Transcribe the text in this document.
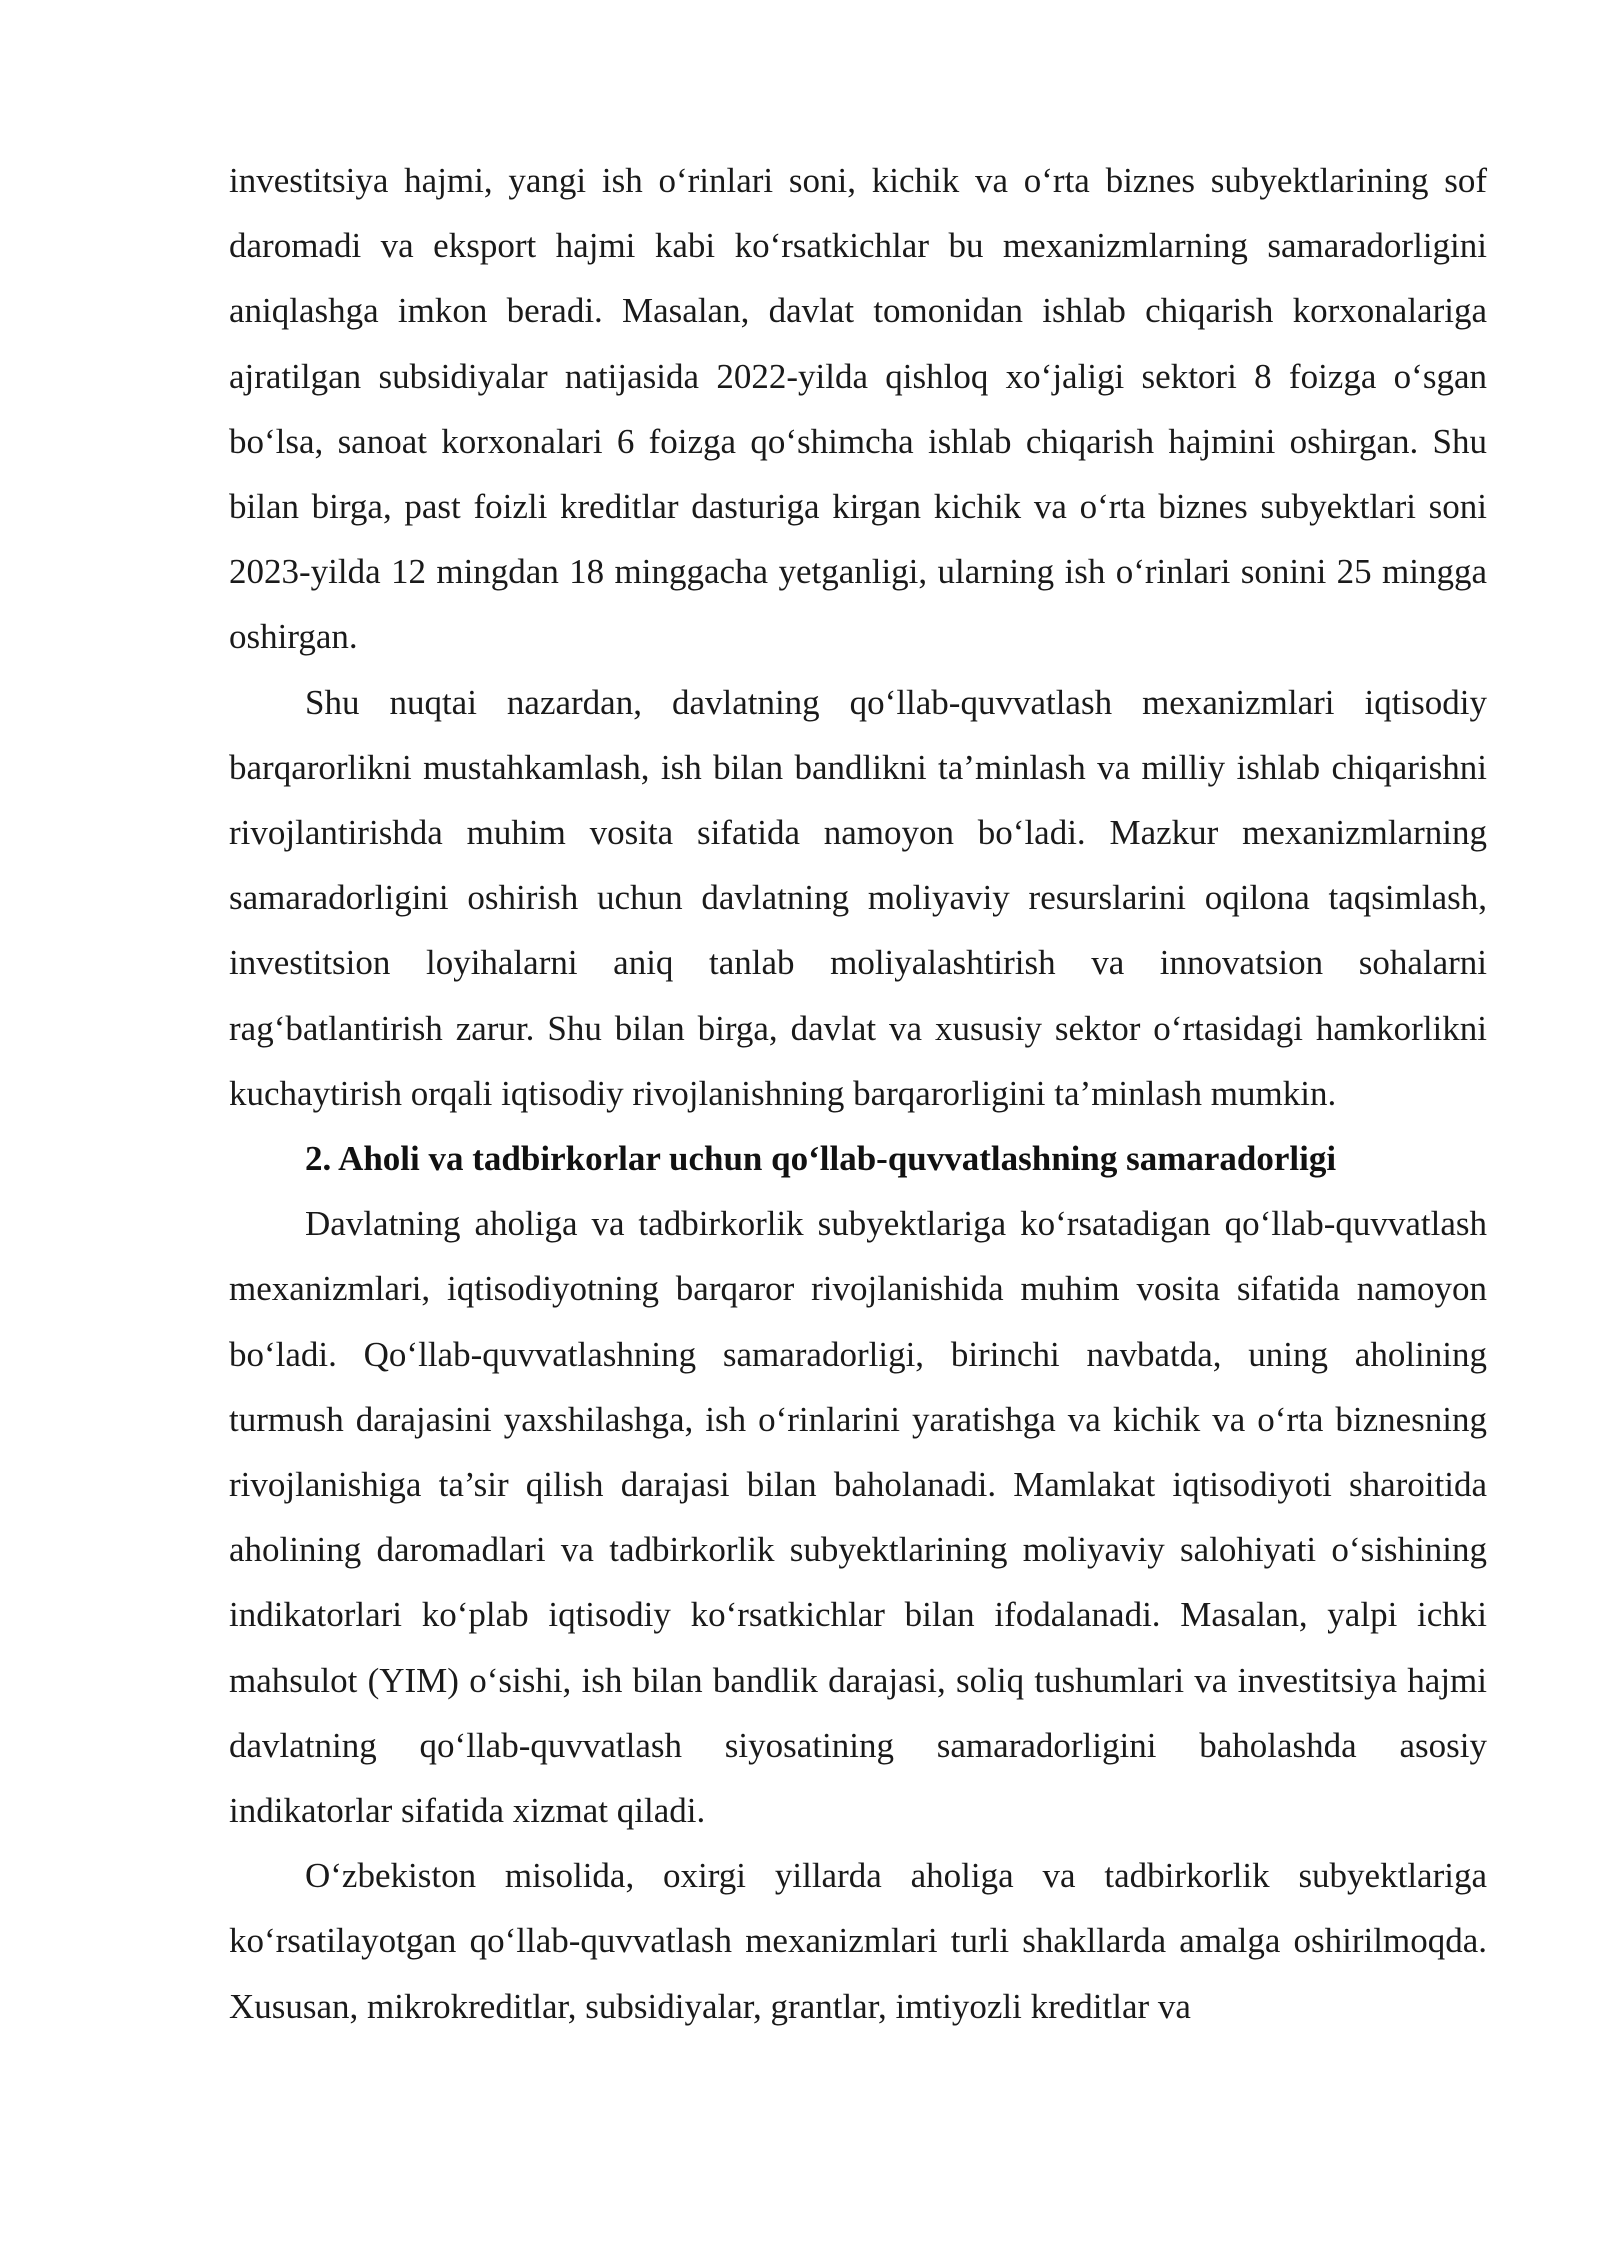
investitsiya hajmi, yangi ish o‘rinlari soni, kichik va o‘rta biznes subyektlarining sof daromadi va eksport hajmi kabi ko‘rsatkichlar bu mexanizmlarning samaradorligini aniqlashga imkon beradi. Masalan, davlat tomonidan ishlab chiqarish korxonalariga ajratilgan subsidiyalar natijasida 2022-yilda qishloq xo‘jaligi sektori 8 foizga o‘sgan bo‘lsa, sanoat korxonalari 6 foizga qo‘shimcha ishlab chiqarish hajmini oshirgan. Shu bilan birga, past foizli kreditlar dasturiga kirgan kichik va o‘rta biznes subyektlari soni 2023-yilda 12 mingdan 18 minggacha yetganligi, ularning ish o‘rinlari sonini 25 mingga oshirgan.

Shu nuqtai nazardan, davlatning qo‘llab-quvvatlash mexanizmlari iqtisodiy barqarorlikni mustahkamlash, ish bilan bandlikni ta’minlash va milliy ishlab chiqarishni rivojlantirishda muhim vosita sifatida namoyon bo‘ladi. Mazkur mexanizmlarning samaradorligini oshirish uchun davlatning moliyaviy resurslarini oqilona taqsimlash, investitsion loyihalarni aniq tanlab moliyalashtirish va innovatsion sohalarni rag‘batlantirish zarur. Shu bilan birga, davlat va xususiy sektor o‘rtasidagi hamkorlikni kuchaytirish orqali iqtisodiy rivojlanishning barqarorligini ta’minlash mumkin.

2. Aholi va tadbirkorlar uchun qo‘llab-quvvatlashning samaradorligi

Davlatning aholiga va tadbirkorlik subyektlariga ko‘rsatadigan qo‘llab-quvvatlash mexanizmlari, iqtisodiyotning barqaror rivojlanishida muhim vosita sifatida namoyon bo‘ladi. Qo‘llab-quvvatlashning samaradorligi, birinchi navbatda, uning aholining turmush darajasini yaxshilashga, ish o‘rinlarini yaratishga va kichik va o‘rta biznesning rivojlanishiga ta’sir qilish darajasi bilan baholanadi. Mamlakat iqtisodiyoti sharoitida aholining daromadlari va tadbirkorlik subyektlarining moliyaviy salohiyati o‘sishining indikatorlari ko‘plab iqtisodiy ko‘rsatkichlar bilan ifodalanadi. Masalan, yalpi ichki mahsulot (YIM) o‘sishi, ish bilan bandlik darajasi, soliq tushumlari va investitsiya hajmi davlatning qo‘llab-quvvatlash siyosatining samaradorligini baholashda asosiy indikatorlar sifatida xizmat qiladi.

O‘zbekiston misolida, oxirgi yillarda aholiga va tadbirkorlik subyektlariga ko‘rsatilayotgan qo‘llab-quvvatlash mexanizmlari turli shakllarda amalga oshirilmoqda. Xususan, mikrokreditlar, subsidiyalar, grantlar, imtiyozli kreditlar va
